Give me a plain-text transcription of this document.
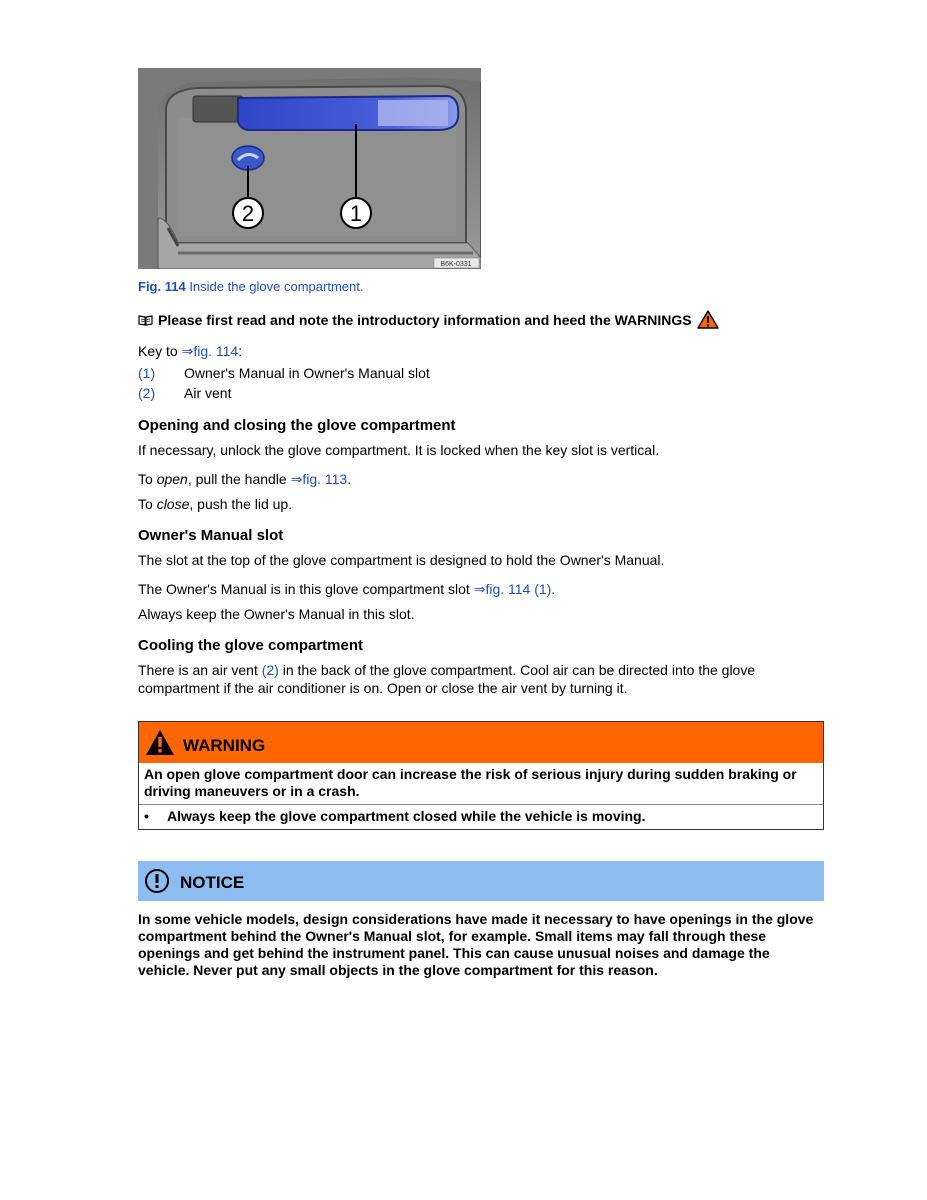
1
2
B6K-0331
Fig. 114 Inside the glove compartment.
Please first read and note the introductory information and heed the WARNINGS
Key to ⇒fig. 114:
(1)	Owner's Manual in Owner's Manual slot
(2)	Air vent
Opening and closing the glove compartment
If necessary, unlock the glove compartment. It is locked when the key slot is vertical.
To open, pull the handle ⇒fig. 113.
To close, push the lid up.
Owner's Manual slot
The slot at the top of the glove compartment is designed to hold the Owner's Manual.
The Owner's Manual is in this glove compartment slot ⇒fig. 114 (1).
Always keep the Owner's Manual in this slot.
Cooling the glove compartment
There is an air vent (2) in the back of the glove compartment. Cool air can be directed into the glove compartment if the air conditioner is on. Open or close the air vent by turning it.
WARNING
An open glove compartment door can increase the risk of serious injury during sudden braking or driving maneuvers or in a crash.
•	Always keep the glove compartment closed while the vehicle is moving.
NOTICE
In some vehicle models, design considerations have made it necessary to have openings in the glove compartment behind the Owner's Manual slot, for example. Small items may fall through these openings and get behind the instrument panel. This can cause unusual noises and damage the vehicle. Never put any small objects in the glove compartment for this reason.
